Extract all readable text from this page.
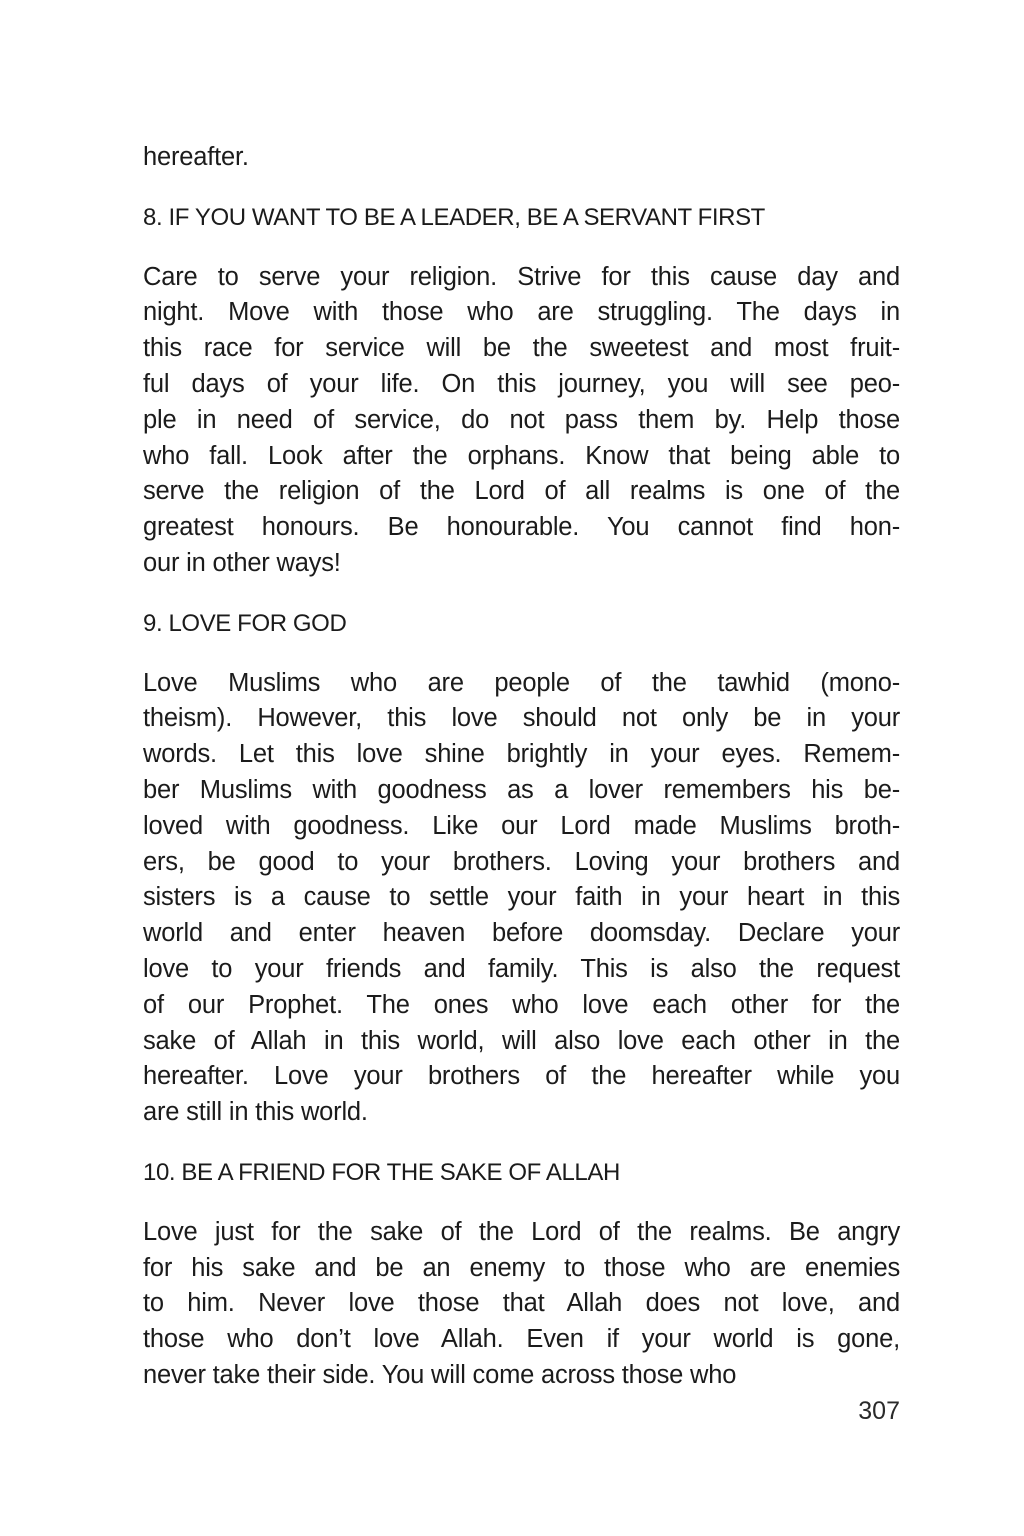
hereafter.

8. IF YOU WANT TO BE A LEADER, BE A SERVANT FIRST

Care to serve your religion. Strive for this cause day and
night. Move with those who are struggling. The days in
this race for service will be the sweetest and most fruit-
ful days of your life. On this journey, you will see peo-
ple in need of service, do not pass them by. Help those
who fall. Look after the orphans. Know that being able to
serve the religion of the Lord of all realms is one of the
greatest honours. Be honourable. You cannot find hon-
our in other ways!

9. LOVE FOR GOD

Love Muslims who are people of the tawhid (mono-
theism). However, this love should not only be in your
words. Let this love shine brightly in your eyes. Remem-
ber Muslims with goodness as a lover remembers his be-
loved with goodness. Like our Lord made Muslims broth-
ers, be good to your brothers. Loving your brothers and
sisters is a cause to settle your faith in your heart in this
world and enter heaven before doomsday. Declare your
love to your friends and family. This is also the request
of our Prophet. The ones who love each other for the
sake of Allah in this world, will also love each other in the
hereafter. Love your brothers of the hereafter while you
are still in this world.

10. BE A FRIEND FOR THE SAKE OF ALLAH

Love just for the sake of the Lord of the realms. Be angry
for his sake and be an enemy to those who are enemies
to him. Never love those that Allah does not love, and
those who don’t love Allah. Even if your world is gone,
never take their side. You will come across those who

307
